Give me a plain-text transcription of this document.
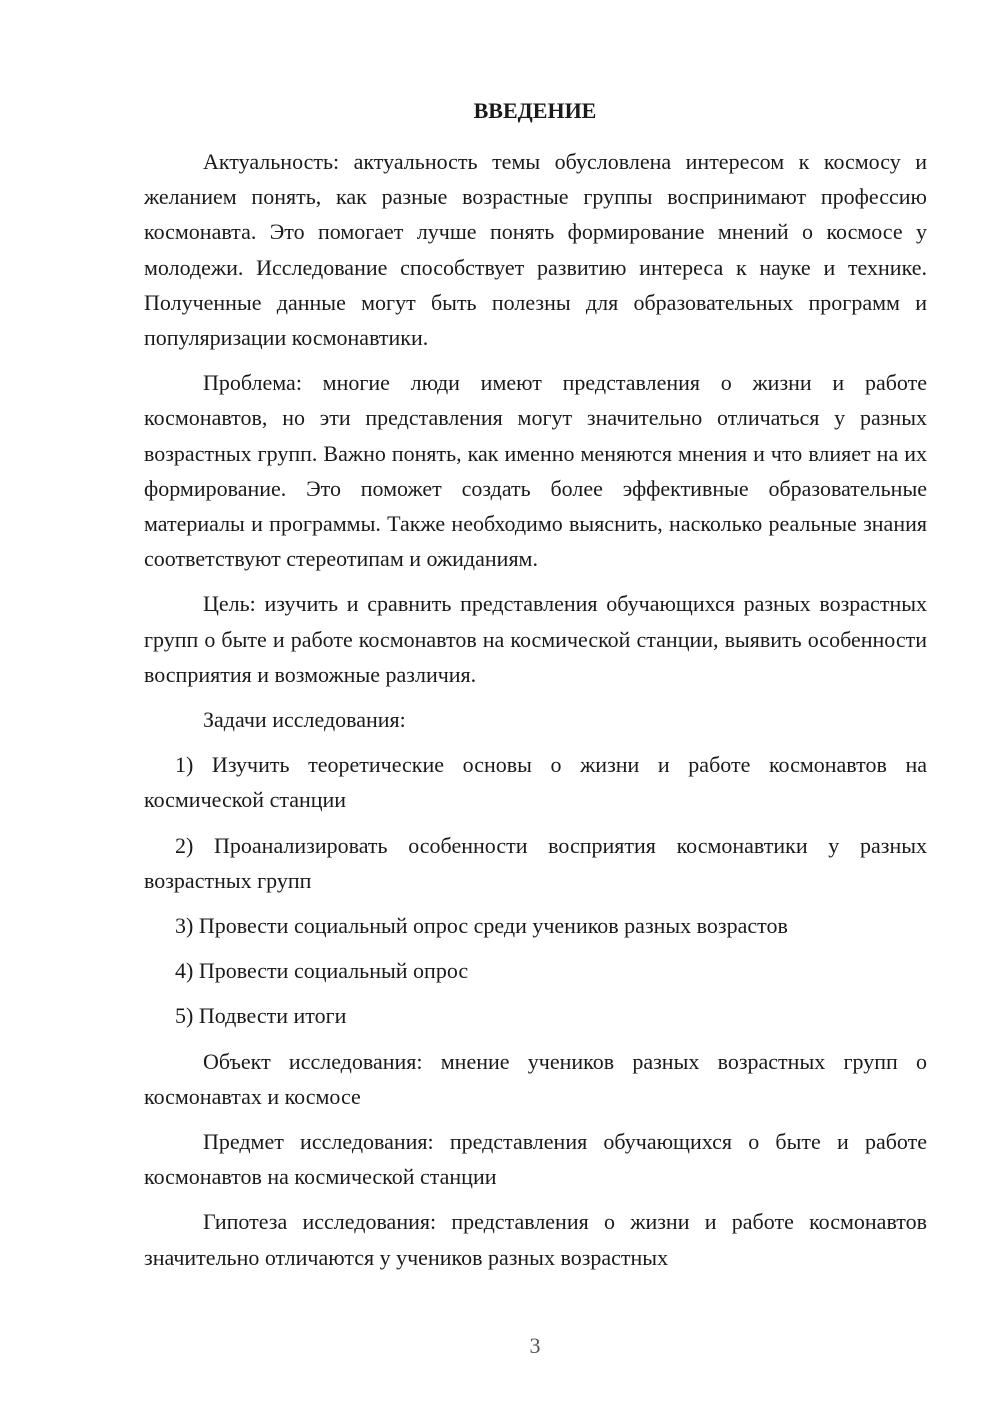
ВВЕДЕНИЕ

Актуальность: актуальность темы обусловлена интересом к космосу и желанием понять, как разные возрастные группы воспринимают профессию космонавта. Это помогает лучше понять формирование мнений о космосе у молодежи. Исследование способствует развитию интереса к науке и технике. Полученные данные могут быть полезны для образовательных программ и популяризации космонавтики.

Проблема: многие люди имеют представления о жизни и работе космонавтов, но эти представления могут значительно отличаться у разных возрастных групп. Важно понять, как именно меняются мнения и что влияет на их формирование. Это поможет создать более эффективные образовательные материалы и программы. Также необходимо выяснить, насколько реальные знания соответствуют стереотипам и ожиданиям.

Цель: изучить и сравнить представления обучающихся разных возрастных групп о быте и работе космонавтов на космической станции, выявить особенности восприятия и возможные различия.

Задачи исследования:

1) Изучить теоретические основы о жизни и работе космонавтов на космической станции

2) Проанализировать особенности восприятия космонавтики у разных возрастных групп

3) Провести социальный опрос среди учеников разных возрастов

4) Провести социальный опрос

5) Подвести итоги

Объект исследования: мнение учеников разных возрастных групп о космонавтах и космосе

Предмет исследования: представления обучающихся о быте и работе космонавтов на космической станции

Гипотеза исследования: представления о жизни и работе космонавтов значительно отличаются у учеников разных возрастных

3
